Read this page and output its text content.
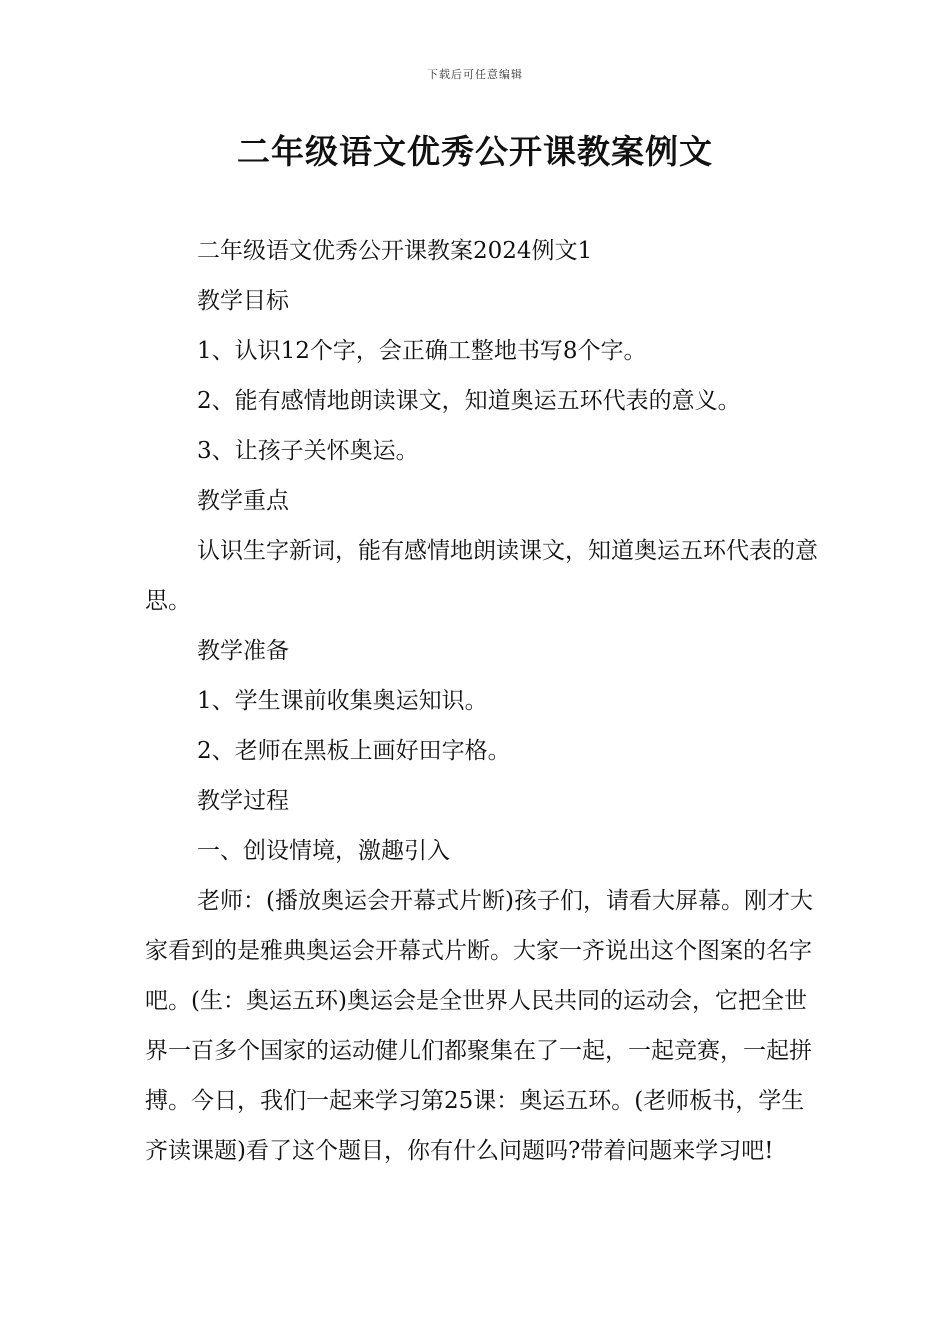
下载后可任意编辑
二年级语文优秀公开课教案例文

二年级语文优秀公开课教案2024例文1

教学目标

1、认识12个字，会正确工整地书写8个字。

2、能有感情地朗读课文，知道奥运五环代表的意义。

3、让孩子关怀奥运。

教学重点

认识生字新词，能有感情地朗读课文，知道奥运五环代表的意思。

教学准备

1、学生课前收集奥运知识。

2、老师在黑板上画好田字格。

教学过程

一、创设情境，激趣引入

老师：(播放奥运会开幕式片断)孩子们，请看大屏幕。刚才大家看到的是雅典奥运会开幕式片断。大家一齐说出这个图案的名字吧。(生：奥运五环)奥运会是全世界人民共同的运动会，它把全世界一百多个国家的运动健儿们都聚集在了一起，一起竞赛，一起拼搏。今日，我们一起来学习第25课：奥运五环。(老师板书，学生齐读课题)看了这个题目，你有什么问题吗?带着问题来学习吧!
